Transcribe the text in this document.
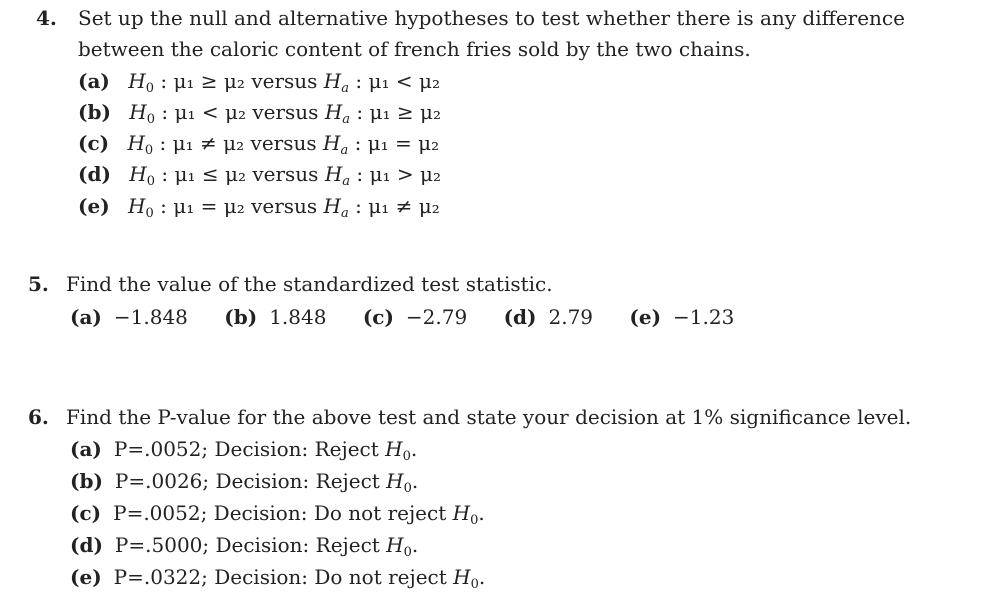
4. Set up the null and alternative hypotheses to test whether there is any difference
between the caloric content of french fries sold by the two chains.
(a) $H_0$ : μ₁ ≥ μ₂ versus $H_a$ : μ₁ < μ₂
(b) $H_0$ : μ₁ < μ₂ versus $H_a$ : μ₁ ≥ μ₂
(c) $H_0$ : μ₁ ≠ μ₂ versus $H_a$ : μ₁ = μ₂
(d) $H_0$ : μ₁ ≤ μ₂ versus $H_a$ : μ₁ > μ₂
(e) $H_0$ : μ₁ = μ₂ versus $H_a$ : μ₁ ≠ μ₂
5. Find the value of the standardized test statistic.
(a) −1.848 (b) 1.848 (c) −2.79 (d) 2.79 (e) −1.23
6. Find the P-value for the above test and state your decision at 1% significance level.
(a) P=.0052; Decision: Reject $H_0$.
(b) P=.0026; Decision: Reject $H_0$.
(c) P=.0052; Decision: Do not reject $H_0$.
(d) P=.5000; Decision: Reject $H_0$.
(e) P=.0322; Decision: Do not reject $H_0$.
